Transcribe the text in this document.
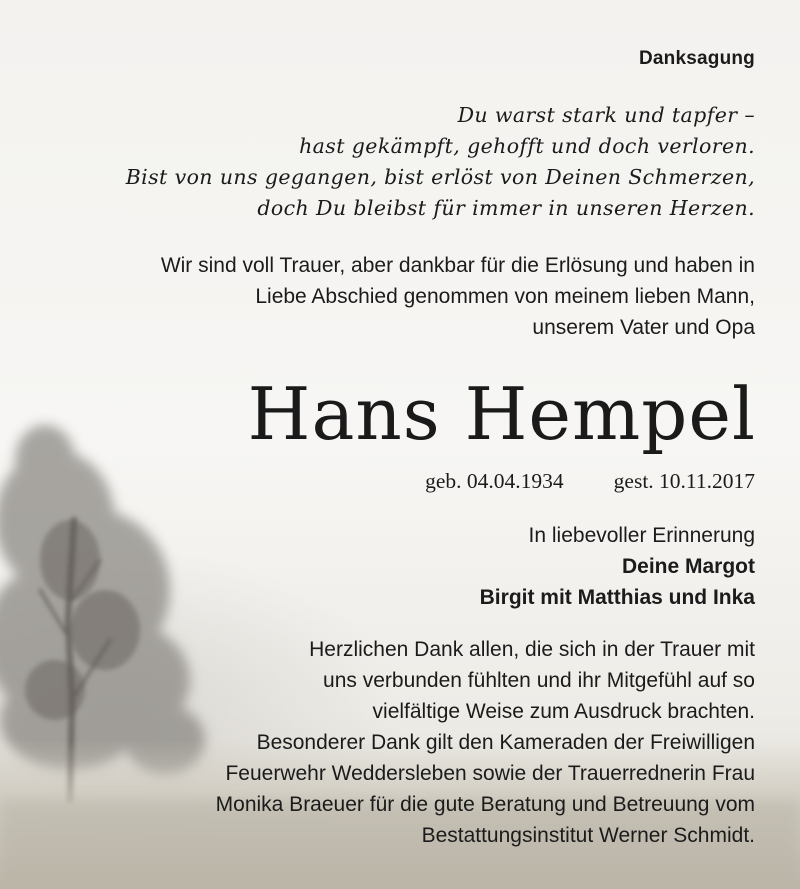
Danksagung

Du warst stark und tapfer –
hast gekämpft, gehofft und doch verloren.
Bist von uns gegangen, bist erlöst von Deinen Schmerzen,
doch Du bleibst für immer in unseren Herzen.

Wir sind voll Trauer, aber dankbar für die Erlösung und haben in
Liebe Abschied genommen von meinem lieben Mann,
unserem Vater und Opa

Hans Hempel

geb. 04.04.1934 gest. 10.11.2017

In liebevoller Erinnerung
Deine Margot
Birgit mit Matthias und Inka

Herzlichen Dank allen, die sich in der Trauer mit
uns verbunden fühlten und ihr Mitgefühl auf so
vielfältige Weise zum Ausdruck brachten.
Besonderer Dank gilt den Kameraden der Freiwilligen
Feuerwehr Weddersleben sowie der Trauerrednerin Frau
Monika Braeuer für die gute Beratung und Betreuung vom
Bestattungsinstitut Werner Schmidt.
